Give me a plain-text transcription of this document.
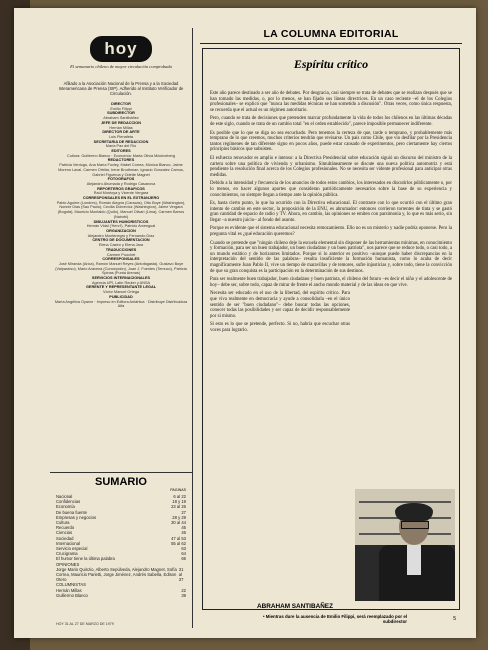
hoy
El semanario chileno de mayor circulación comprobada
Afiliado a la Asociación Nacional de la Prensa y a la Sociedad Interamericana de Prensa (SIP). Adherido al Instituto Verificador de Circulación.
DIRECTOR
Emilio Filippi
SUBDIRECTOR
Abraham Santibáñez
JEFE DE REDACCION
Hernán Millas
DIRECTOR DE ARTE
Luis Plenafeta
SECRETARIA DE REDACCION
María Paz del Río
EDITORES
Cultura: Guillermo Blanco · Economía: Marta Olivia Möckneberg
REDACTORES
Patricia Verdugo, Ana María Foxley, Mabel Correa, Mónica Blanco, Jaime Moreno Laval, Carmen Orbilar, Irene Brodhman, Ignacio Gonzalez Camus, Gabriel Figueroa y Odette Magnet
FOTOGRAFOS
Alejandro Ahumada y Rodrigo Casanova
REPORTEROS GRAFICOS
Raúl Montoya y Vicente Vergara
CORRESPONSALES EN EL EXTRANJERO
Pablo Aguirre (Londres), Román Alegría (Caracas), Otto Boye (Washington), Nonnie Dias (Sao Paulo), Cecilia Dobrevicz (Washington), Jaime Vergara (Bogotá), Mauricio Montaldo (Quito), Manuel Olivari (Lima), Carmen Barros (Nairobi)
DIBUJANTES HUMORISTICOS
Hernán Vidal ('Hervi'), Patricio Amengual
ORGANIZACION
Alejandro Montenegro y Fernando Díaz
CENTRO DE DOCUMENTACION
Elena Castro y Elena Jara
TRADUCCIONES
Carmen Poochet
CORRESPONSALES
José Miranda (Arica), Ramón Manuel Reyes (Antofagasta), Gustavo Boye (Valparaíso), Mario Aravena (Concepción), Juan J. Fuentes (Temuco), Patricia Spinas (Punta Arenas)
SERVICIOS INTERNACIONALES
Agencia UPI, Latin Reuter y ANSA
GERENTE Y REPRESENTANTE LEGAL
Víctor Manuel Ortega
PUBLICIDAD
María Angélica Oyarce · Impreso en Editora Antártica · Distribuye Distribuidora Alfa
SUMARIO
PAGINAS
Nacional	6 al 22
Confidencias	18 y 19
Economía	23 al 26
De buena fuente	27
Empresas y negocios	28 y 29
Cultura	30 al 44
Recuerdo	45
Ciencias	46
Sociedad	47 al 53
Internacional	55 al 62
Servicio especial	63
Crucigrama	64
El humor tiene la última palabra	66
OPINIONES
Jorge Mario Quinzio, Alberto Sepúlveda, Alejandro Magnet, Sofía Correa, Mauricio Parietti, Jorge Jiménez, Andrés Sabella, Edison Otero
31 al 37
COLUMNISTAS
Hernán Millas	22
Guillermo Blanco	39
HOY 31 AL 27 DE MARZO DE 1979
LA COLUMNA EDITORIAL
Espíritu crítico

Este año parece destinado a ser año de debates. Por desgracia, casi siempre se trata de debates que se realizan después que se han tomado las medidas, o, por lo menos, se han fijado sus líneas directrices. En un caso reciente –el de los Colegios profesionales– se explicó que "nunca las medidas técnicas se han sometido a discusión". Otras veces, como única respuesta, se recuerda que el actual es un régimen autoritario.

Pero, cuando se trata de decisiones que pretenden marcar profundamente la vida de todos los chilenos en las últimas décadas de este siglo, cuando se trata de un cambio total "en el orden establecido", parece imposible permanecer indiferente.

Es posible que lo que se diga no sea escuchado. Pero tenemos la certeza de que, tarde o temprano, y probablemente más temprano de lo que creemos, muchos criterios tendrán que revisarse. Un país como Chile, que vio desfilar por la Presidencia tantos regímenes de tan diferente signo en pocos años, puede estar cansado de experimentos, pero ciertamente hay ciertos principios básicos que subsisten.

El esfuerzo renovador es amplio e intenso: a la Directiva Presidencial sobre educación siguió un discurso del ministro de la cartera sobre una política de vivienda y urbanismo. Simultáneamente se discute una nueva política automotriz y está pendiente la resolución final acerca de los Colegios profesionales. No se necesita ser vidente profesional para anticipar otras medidas.

Debido a la intensidad y frecuencia de los anuncios de todos estos cambios, los interesados en discutirlos públicamente o, por lo menos, en hacer algunos aportes que consideran patrióticamente necesarios sobre la base de su experiencia y conocimientos, no siempre llegan a tiempo ante la opinión pública.

Es, hasta cierto punto, lo que ha ocurrido con la Directiva educacional. El contraste con lo que ocurrió con el último gran intento de cambio en este sector, la proposición de la ENU, es abrumador: entonces corrieron torrentes de tinta y se gastó gran cantidad de espacio de radio y TV. Ahora, en cambio, las opiniones se emiten con parsimonia y, lo que es más serio, sin llegar –a nuestro juicio– al fondo del asunto.

Porque es evidente que el sistema educacional necesita remozamiento. Ello no es un misterio y nadie podría oponerse. Pero la pregunta vital es ¿qué educación queremos?

Cuando se pretende que "ningún chileno deje la escuela elemental sin disponer de las herramientas mínimas, en conocimiento y formación, para ser un buen trabajador, un buen ciudadano y un buen patriota", nos parece que se reduce todo, o casi todo, a un mundo estático y de horizontes limitados. Porque si lo anterior es positivo –aunque puede haber discrepancias en la interpretación del sentido de las palabras– resulta insuficiente la formación humanista, como lo acaba de decir magníficamente Juan Pablo II, vive un tiempo de maravillas y de temores, sufre injusticias y, sobre todo, tiene la convicción de que su gran conquista es la participación en la determinación de sus destinos.

Para ser realmente buen trabajador, buen ciudadano y buen patriota, el chileno del futuro –es decir el niño y el adolescente de hoy– debe ser, sobre todo, capaz de mirar de frente el ancho mundo material y de las ideas en que vive.

Necesita ser educado en el uso de la libertad, del espíritu crítico. Para que viva realmente en democracia y ayude a consolidarla –en el único sentido de ser "buen ciudadano"– debe buscar todas las opciones, conocer todas las posibilidades y ser capaz de decidir responsablemente por sí mismo.

Si esto es lo que se pretende, perfecto. Si no, habría que escuchar otras voces para lograrlo.

ABRAHAM SANTIBAÑEZ
• Mientras dure la ausencia de Emilio Filippi, será reemplazado por el subdirector	5
